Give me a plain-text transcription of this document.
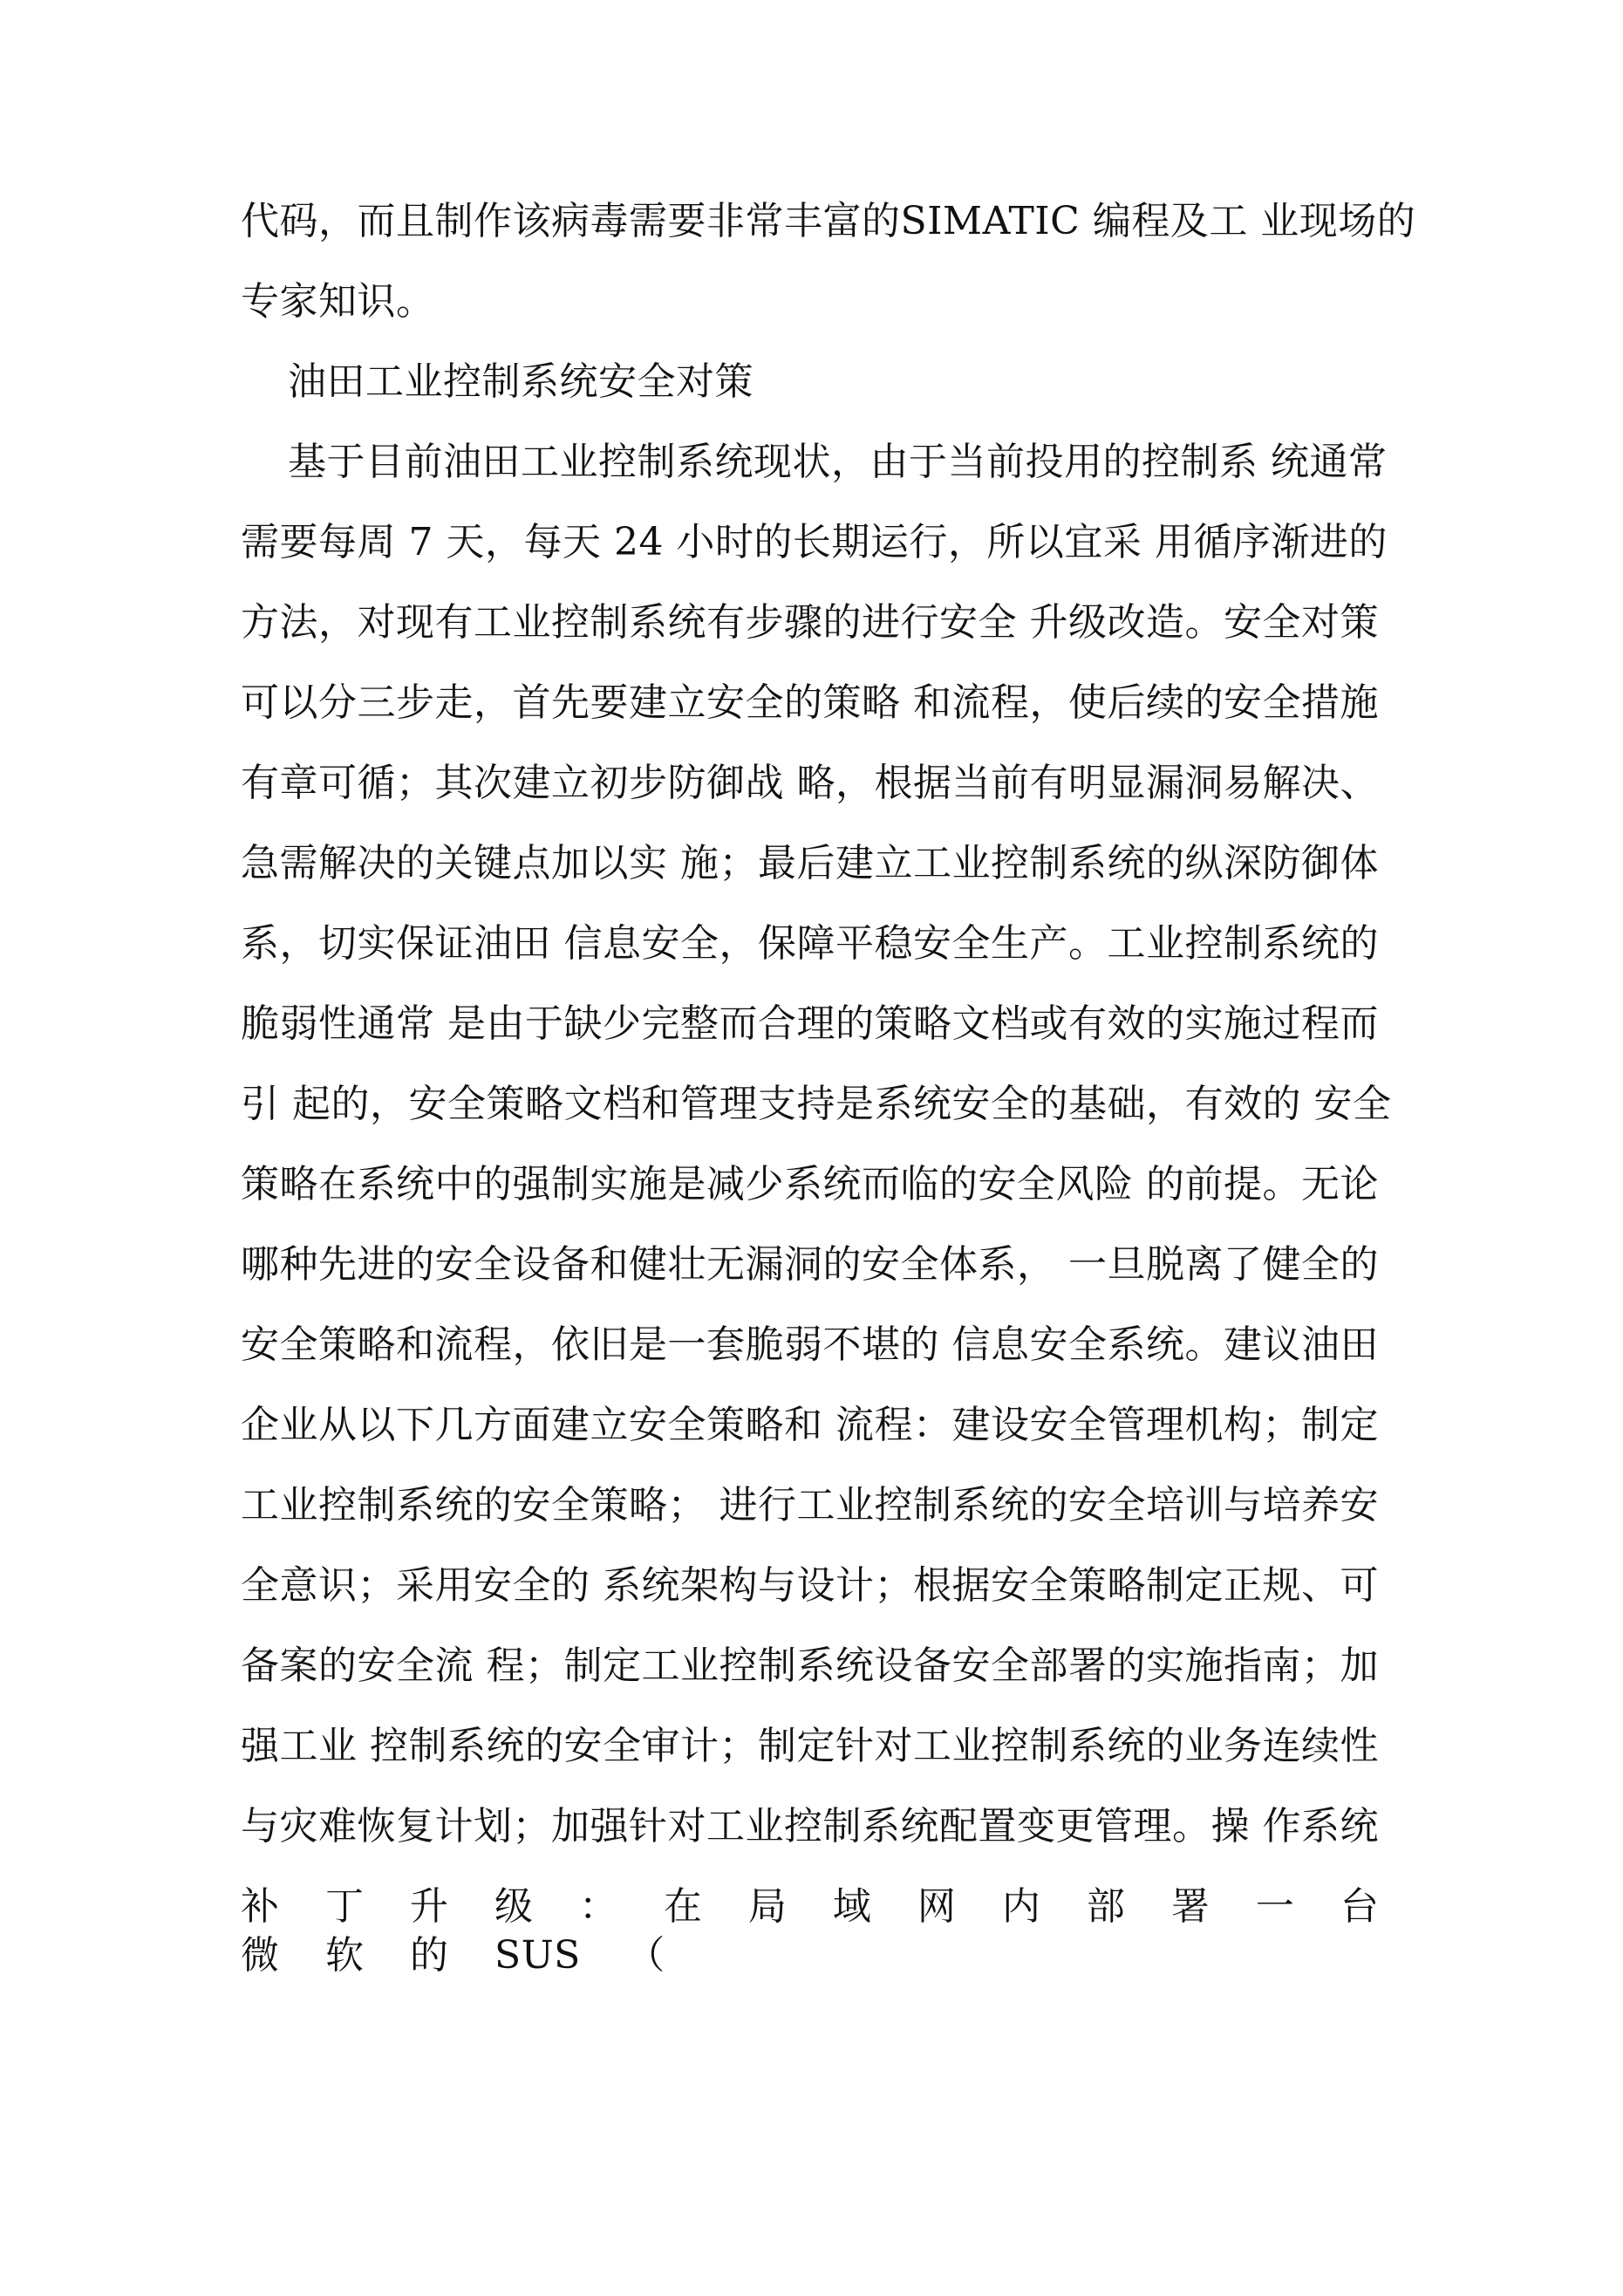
代码，而且制作该病毒需要非常丰富的SIMATIC 编程及工 业现场的
专家知识。
油田工业控制系统安全对策
基于目前油田工业控制系统现状，由于当前投用的控制系 统通常
需要每周 7 天，每天 24 小时的长期运行，所以宜采 用循序渐进的
方法，对现有工业控制系统有步骤的进行安全 升级改造。安全对策
可以分三步走，首先要建立安全的策略 和流程，使后续的安全措施
有章可循；其次建立初步防御战 略，根据当前有明显漏洞易解决、
急需解决的关键点加以实 施；最后建立工业控制系统的纵深防御体
系，切实保证油田 信息安全，保障平稳安全生产。工业控制系统的
脆弱性通常 是由于缺少完整而合理的策略文档或有效的实施过程而
引 起的，安全策略文档和管理支持是系统安全的基础，有效的 安全
策略在系统中的强制实施是减少系统而临的安全风险 的前提。无论
哪种先进的安全设备和健壮无漏洞的安全体系， 一旦脱离了健全的
安全策略和流程，依旧是一套脆弱不堪的 信息安全系统。建议油田
企业从以下几方面建立安全策略和 流程：建设安全管理机构；制定
工业控制系统的安全策略； 进行工业控制系统的安全培训与培养安
全意识；采用安全的 系统架构与设计；根据安全策略制定正规、可
备案的安全流 程；制定工业控制系统设备安全部署的实施指南；加
强工业 控制系统的安全审计；制定针对工业控制系统的业务连续性
与灾难恢复计划；加强针对工业控制系统配置变更管理。操 作系统
补 丁 升 级 ： 在 局 域 网 内 部 署 一 台 微 软 的 SUS （
